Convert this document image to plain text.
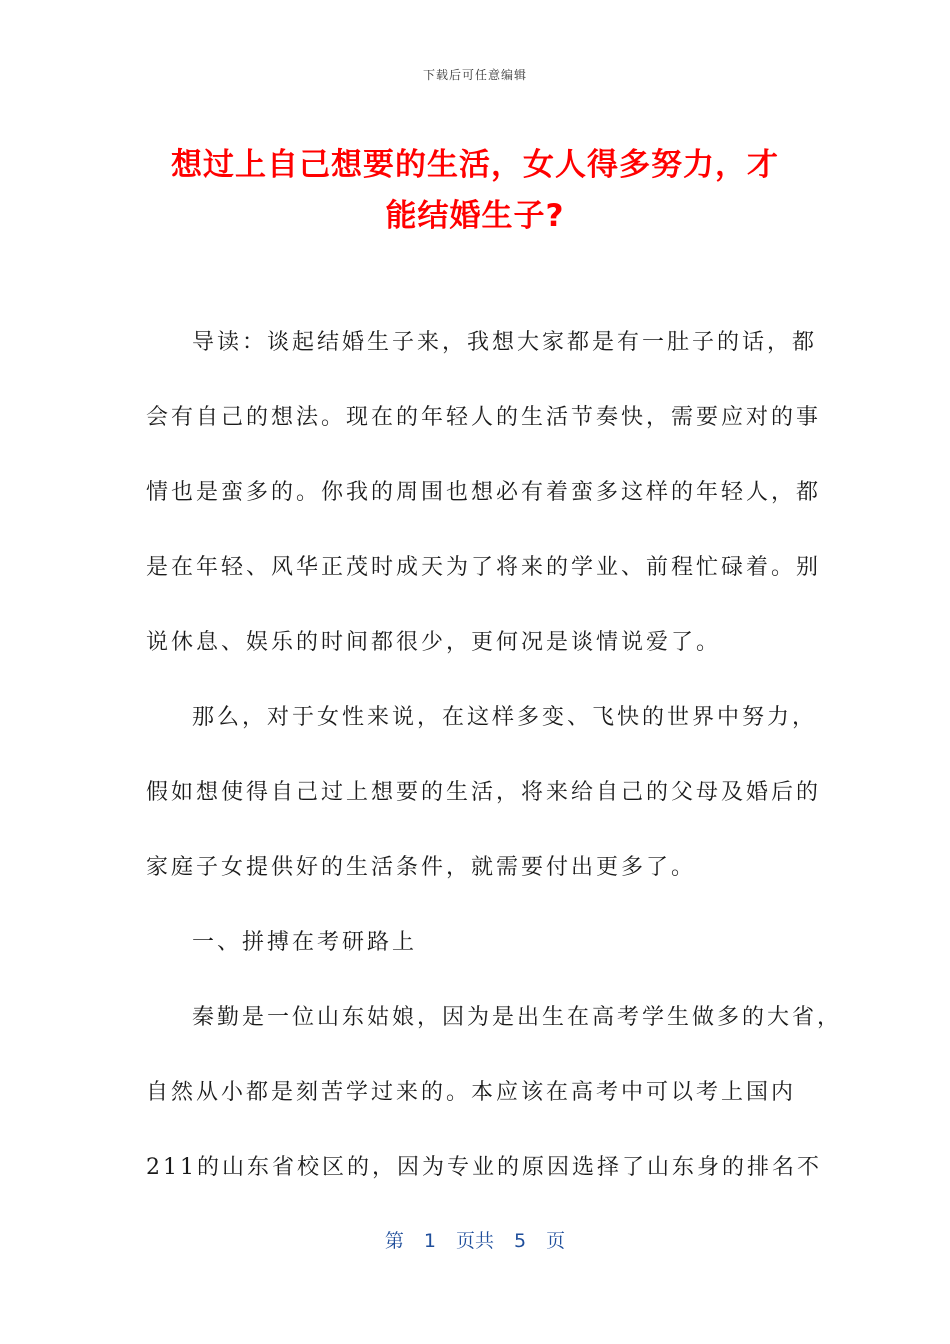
下载后可任意编辑
想过上自己想要的生活，女人得多努力，才
能结婚生子?
导读：谈起结婚生子来，我想大家都是有一肚子的话，都
会有自己的想法。现在的年轻人的生活节奏快，需要应对的事
情也是蛮多的。你我的周围也想必有着蛮多这样的年轻人，都
是在年轻、风华正茂时成天为了将来的学业、前程忙碌着。别
说休息、娱乐的时间都很少，更何况是谈情说爱了。
那么，对于女性来说，在这样多变、飞快的世界中努力，
假如想使得自己过上想要的生活，将来给自己的父母及婚后的
家庭子女提供好的生活条件，就需要付出更多了。
一、拼搏在考研路上
秦勤是一位山东姑娘，因为是出生在高考学生做多的大省，
自然从小都是刻苦学过来的。本应该在高考中可以考上国内
211的山东省校区的，因为专业的原因选择了山东身的排名不
第 1 页共 5 页
